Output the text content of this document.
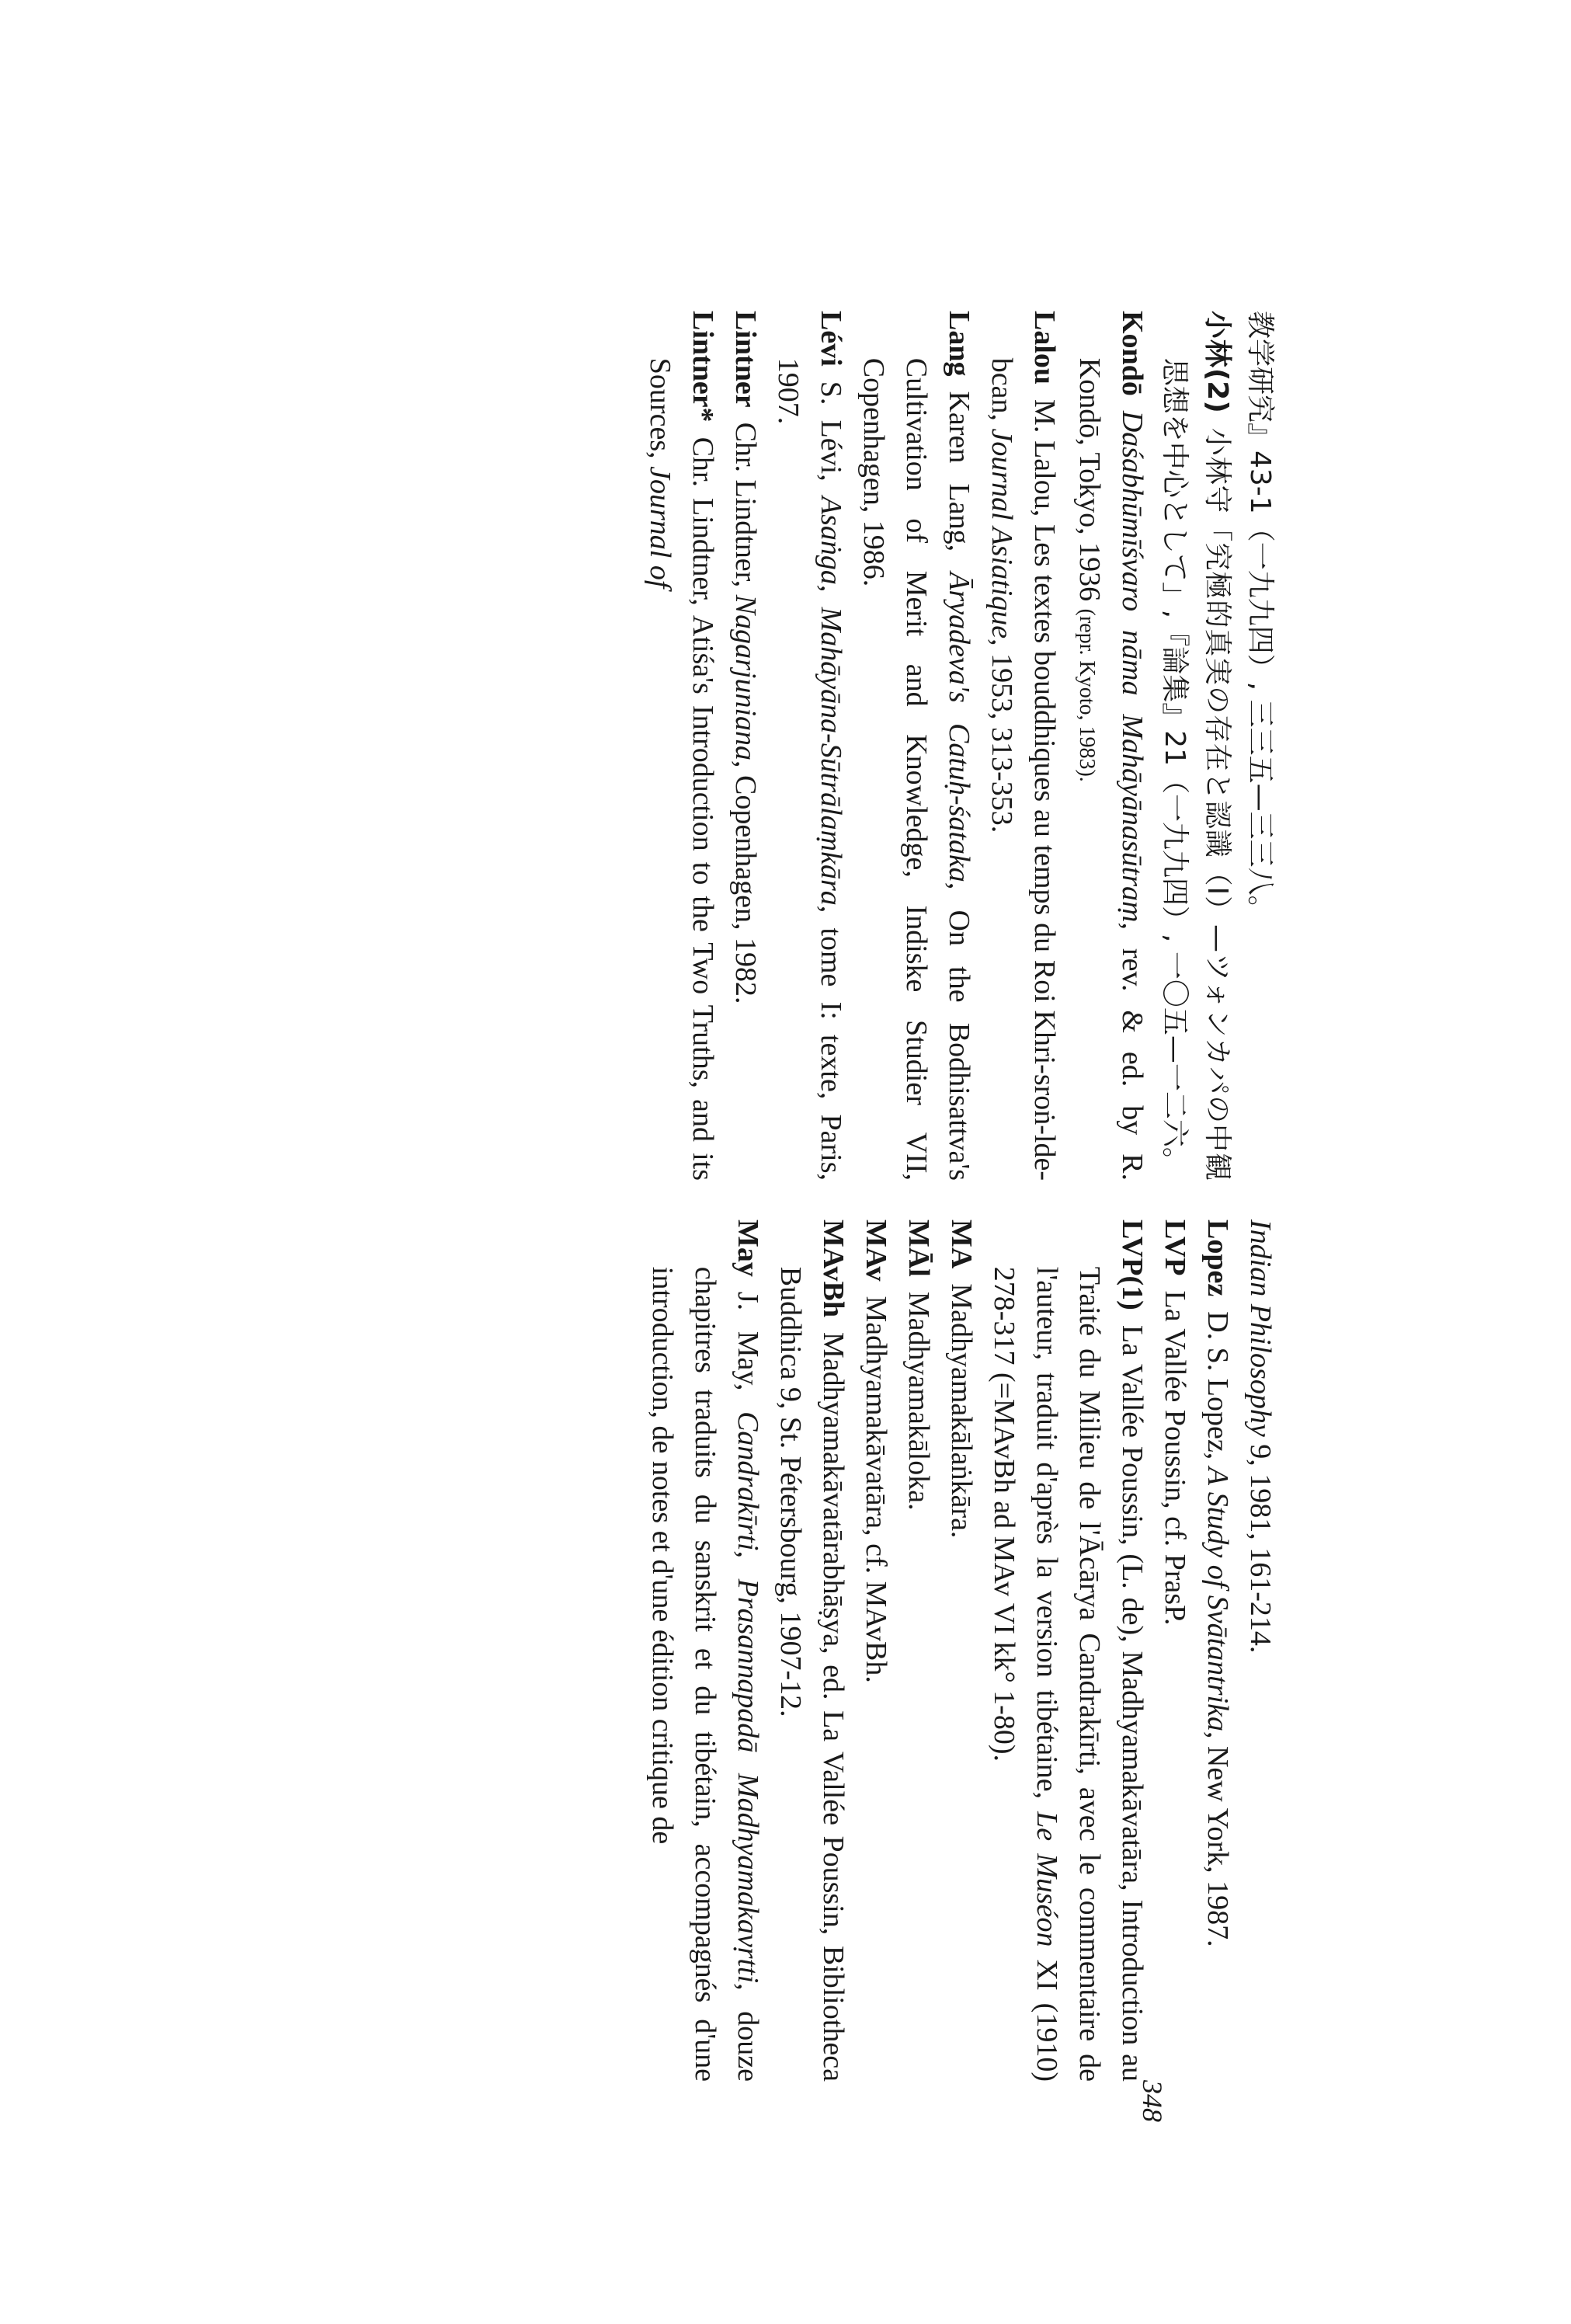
教学研究』43-1（一九九四）, 三三五—三三八。
小林(2)小林守「究極的真実の存在と認識（Ⅰ）—ツォンカパの中観思想を中心として」,『論集』21（一九九四）, 一〇五—一二六。
KondōDaśabhūmīśvaro nāma Mahāyānasūtraṃ, rev. & ed. by R. Kondō, Tokyo, 1936 (repr. Kyoto, 1983).
LalouM. Lalou, Les textes bouddhiques au temps du Roi Khri-sroṅ-lde-bcan, Journal Asiatique, 1953, 313-353.
LangKaren Lang, Āryadeva's Catuḥ-śataka, On the Bodhisattva's Cultivation of Merit and Knowledge, Indiske Studier VII, Copenhagen, 1986.
LéviS. Lévi, Asaṅga, Mahāyāna-Sūtrālaṃkāra, tome I: texte, Paris, 1907.
LintnerChr. Lindtner, Nagarjuniana, Copenhagen, 1982.
Lintner*Chr. Lindtner, Atiśa's Introduction to the Two Truths, and its Sources, Journal of
Indian Philosophy 9, 1981, 161-214.
LopezD. S. Lopez, A Study of Svātantrika, New York, 1987.
LVPLa Vallée Poussin, cf. PrasP.
LVP(1)La Vallée Poussin, (L. de), Madhyamakāvatāra, Introduction au Traité du Milieu de l'Ācārya Candrakīrti, avec le commentaire de l'auteur, traduit d'après la version tibétaine, Le Muséon XI (1910) 278-317 (=MAvBh ad MAv VI kk° 1-80).
MAMadhyamakālaṅkāra.
MĀlMadhyamakāloka.
MAvMadhyamakāvatāra, cf. MAvBh.
MAvBhMadhyamakāvatārabhāṣya, ed. La Vallée Poussin, Bibliotheca Buddhica 9, St. Pétersbourg, 1907-12.
MayJ. May, Candrakīrti, Prasannapadā Madhyamakavṛtti, douze chapitres traduits du sanskrit et du tibétain, accompagnés d'une introduction, de notes et d'une édition critique de
348
